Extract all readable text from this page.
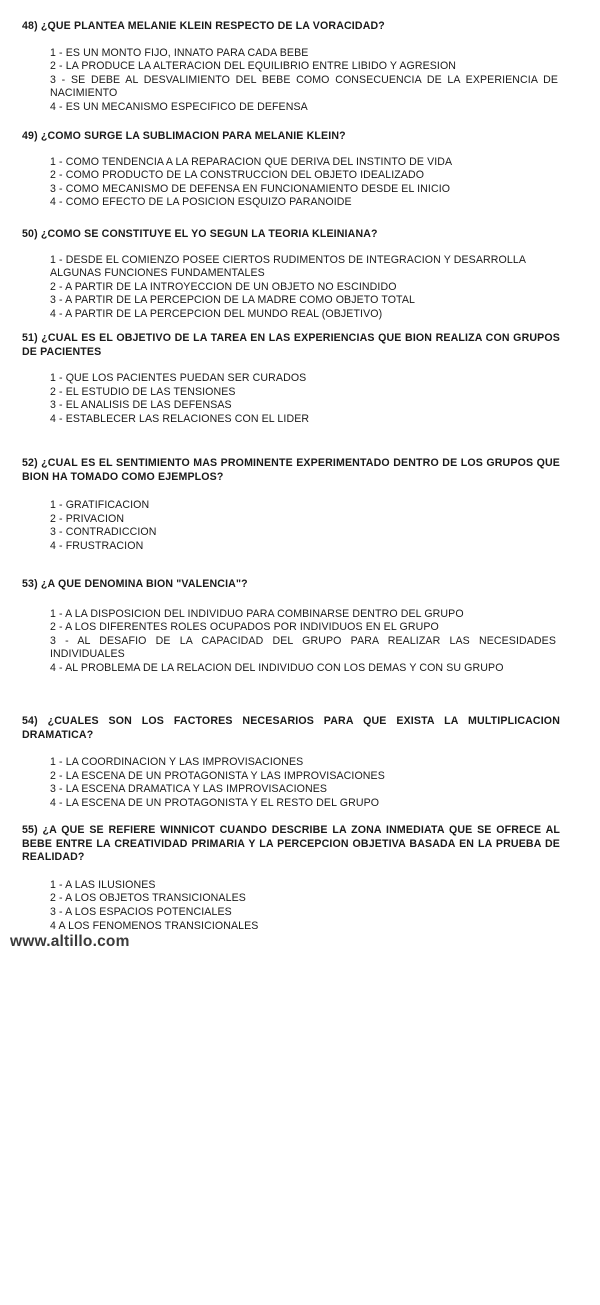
48) ¿QUE PLANTEA MELANIE KLEIN RESPECTO DE LA VORACIDAD?

1 - ES UN MONTO FIJO, INNATO PARA CADA BEBE

2 - LA PRODUCE LA ALTERACION DEL EQUILIBRIO ENTRE LIBIDO Y AGRESION

3 - SE DEBE AL DESVALIMIENTO DEL BEBE COMO CONSECUENCIA DE LA EXPERIENCIA DE NACIMIENTO

4 - ES UN MECANISMO ESPECIFICO DE DEFENSA

49) ¿COMO SURGE LA SUBLIMACION PARA MELANIE KLEIN?

1 - COMO TENDENCIA A LA REPARACION QUE DERIVA DEL INSTINTO DE VIDA

2 - COMO PRODUCTO DE LA CONSTRUCCION DEL OBJETO IDEALIZADO

3 - COMO MECANISMO DE DEFENSA EN FUNCIONAMIENTO DESDE EL INICIO

4 - COMO EFECTO DE LA POSICION ESQUIZO PARANOIDE

50) ¿COMO SE CONSTITUYE EL YO SEGUN LA TEORIA KLEINIANA?

1 - DESDE EL COMIENZO POSEE CIERTOS RUDIMENTOS DE INTEGRACION Y DESARROLLA ALGUNAS FUNCIONES FUNDAMENTALES

2 - A PARTIR DE LA INTROYECCION DE UN OBJETO NO ESCINDIDO

3 - A PARTIR DE LA PERCEPCION DE LA MADRE COMO OBJETO TOTAL

4 - A PARTIR DE LA PERCEPCION DEL MUNDO REAL (OBJETIVO)

51) ¿CUAL ES EL OBJETIVO DE LA TAREA EN LAS EXPERIENCIAS QUE BION REALIZA CON GRUPOS DE PACIENTES

1 - QUE LOS PACIENTES PUEDAN SER CURADOS

2 - EL ESTUDIO DE LAS TENSIONES

3 - EL ANALISIS DE LAS DEFENSAS

4 - ESTABLECER LAS RELACIONES CON EL LIDER

52) ¿CUAL ES EL SENTIMIENTO MAS PROMINENTE EXPERIMENTADO DENTRO DE LOS GRUPOS QUE BION HA TOMADO COMO EJEMPLOS?

1 - GRATIFICACION

2 - PRIVACION

3 - CONTRADICCION

4 - FRUSTRACION

53) ¿A QUE DENOMINA BION "VALENCIA"?

1 - A LA DISPOSICION DEL INDIVIDUO PARA COMBINARSE DENTRO DEL GRUPO

2 - A LOS DIFERENTES ROLES OCUPADOS POR INDIVIDUOS EN EL GRUPO

3 - AL DESAFIO DE LA CAPACIDAD DEL GRUPO PARA REALIZAR LAS NECESIDADES INDIVIDUALES

4 - AL PROBLEMA DE LA RELACION DEL INDIVIDUO CON LOS DEMAS Y CON SU GRUPO

54) ¿CUALES SON LOS FACTORES NECESARIOS PARA QUE EXISTA LA MULTIPLICACION DRAMATICA?

1 - LA COORDINACION Y LAS IMPROVISACIONES

2 - LA ESCENA DE UN PROTAGONISTA Y LAS IMPROVISACIONES

3 - LA ESCENA DRAMATICA Y LAS IMPROVISACIONES

4 - LA ESCENA DE UN PROTAGONISTA Y EL RESTO DEL GRUPO

55) ¿A QUE SE REFIERE WINNICOT CUANDO DESCRIBE LA ZONA INMEDIATA QUE SE OFRECE AL BEBE ENTRE LA CREATIVIDAD PRIMARIA Y LA PERCEPCION OBJETIVA BASADA EN LA PRUEBA DE REALIDAD?

1 - A LAS ILUSIONES

2 - A LOS OBJETOS TRANSICIONALES

3 - A LOS ESPACIOS POTENCIALES

4 A LOS FENOMENOS TRANSICIONALES

www.altillo.com
